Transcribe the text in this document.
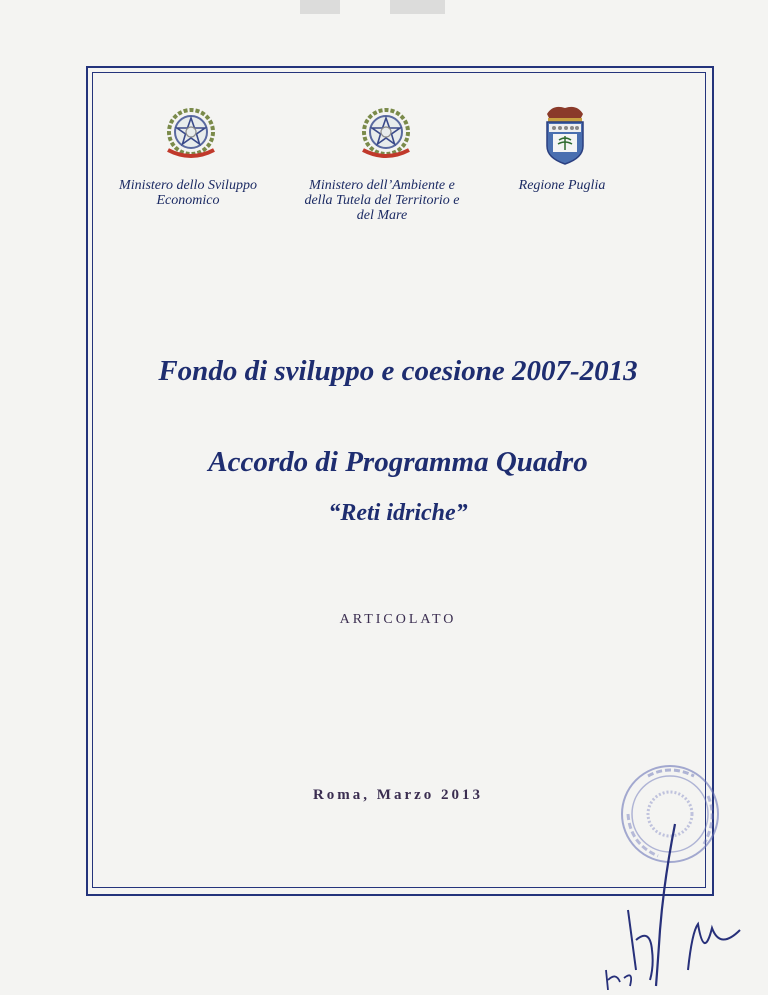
Ministero dello Sviluppo
Economico
Ministero dell’Ambiente e
della Tutela del Territorio e
del Mare
Regione Puglia
Fondo di sviluppo e coesione 2007-2013
Accordo di Programma Quadro
“Reti idriche”
ARTICOLATO
Roma, Marzo 2013
